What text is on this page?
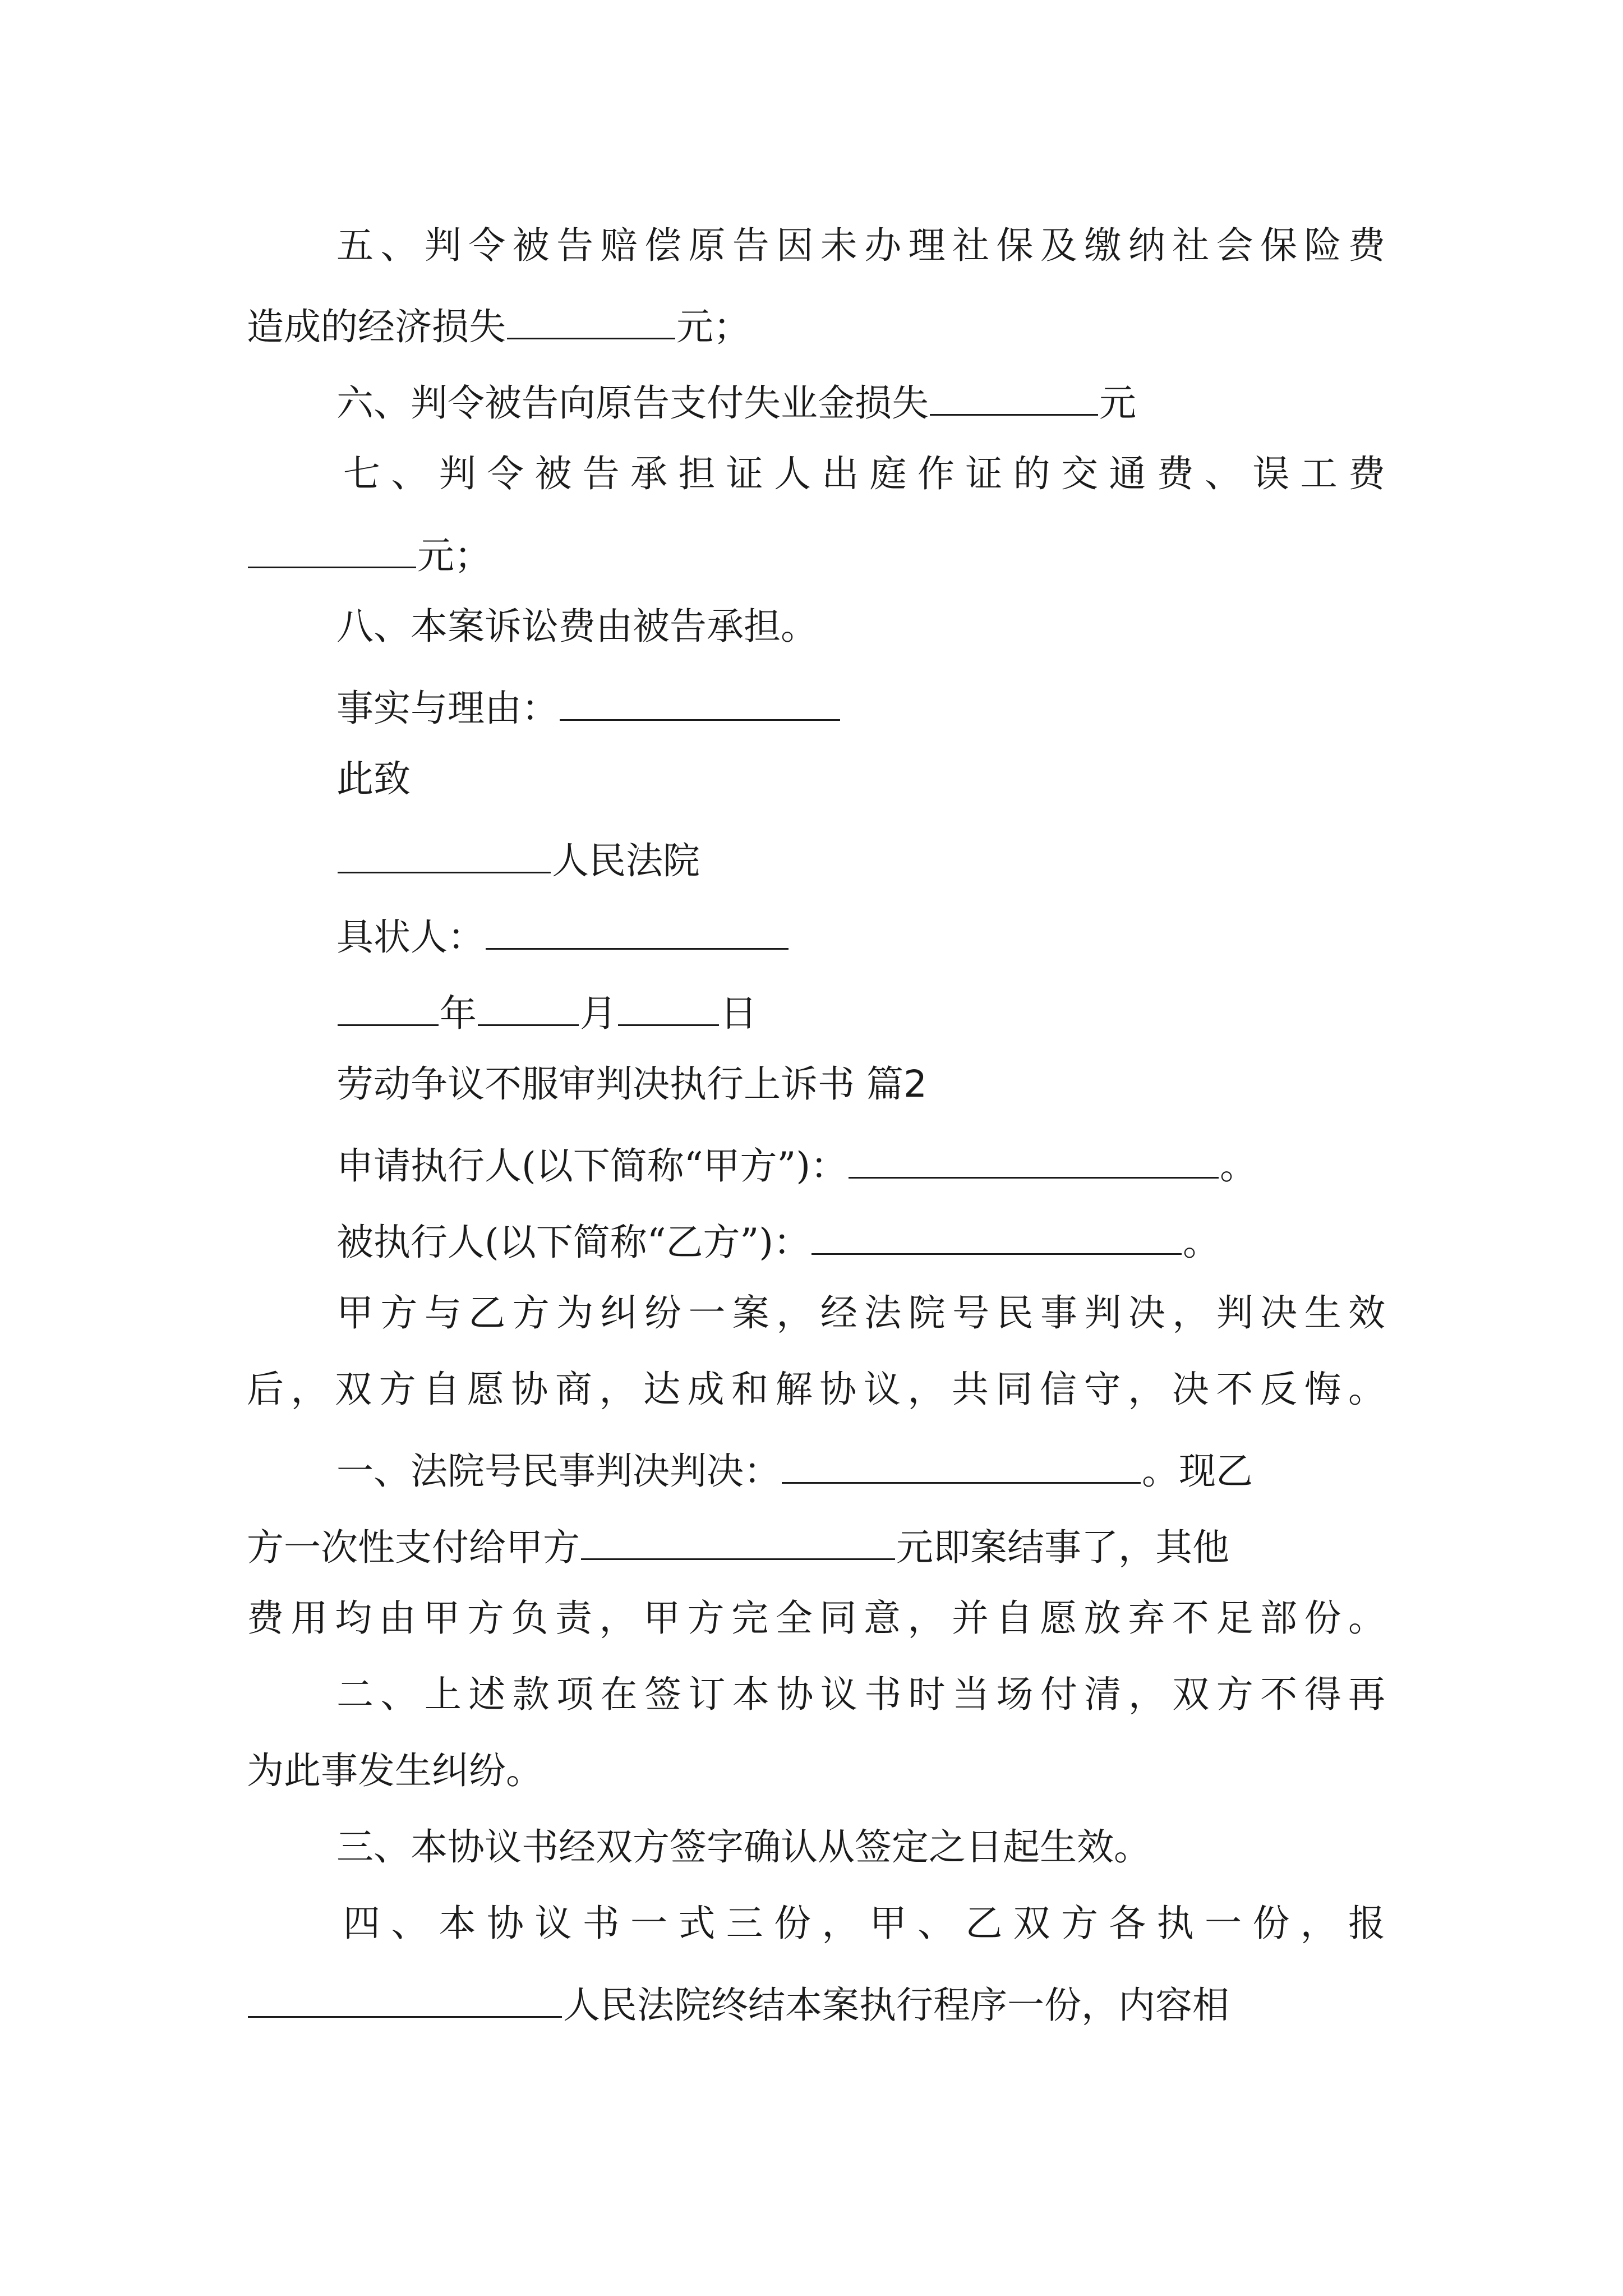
五、判令被告赔偿原告因未办理社保及缴纳社会保险费
造成的经济损失	元；
六、判令被告向原告支付失业金损失	元
七、判令被告承担证人出庭作证的交通费、误工费
元；
八、本案诉讼费由被告承担。
事实与理由：
此致
人民法院
具状人：
年	月	日
劳动争议不服审判决执行上诉书 篇2
申请执行人(以下简称“甲方”)：	。
被执行人(以下简称“乙方”)：	。
甲方与乙方为纠纷一案，经法院号民事判决，判决生效
后，双方自愿协商，达成和解协议，共同信守，决不反悔。
一、法院号民事判决判决：	。现乙
方一次性支付给甲方	元即案结事了，其他
费用均由甲方负责，甲方完全同意，并自愿放弃不足部份。
二、上述款项在签订本协议书时当场付清，双方不得再
为此事发生纠纷。
三、本协议书经双方签字确认从签定之日起生效。
四、本协议书一式三份，甲、乙双方各执一份，报
人民法院终结本案执行程序一份，内容相
